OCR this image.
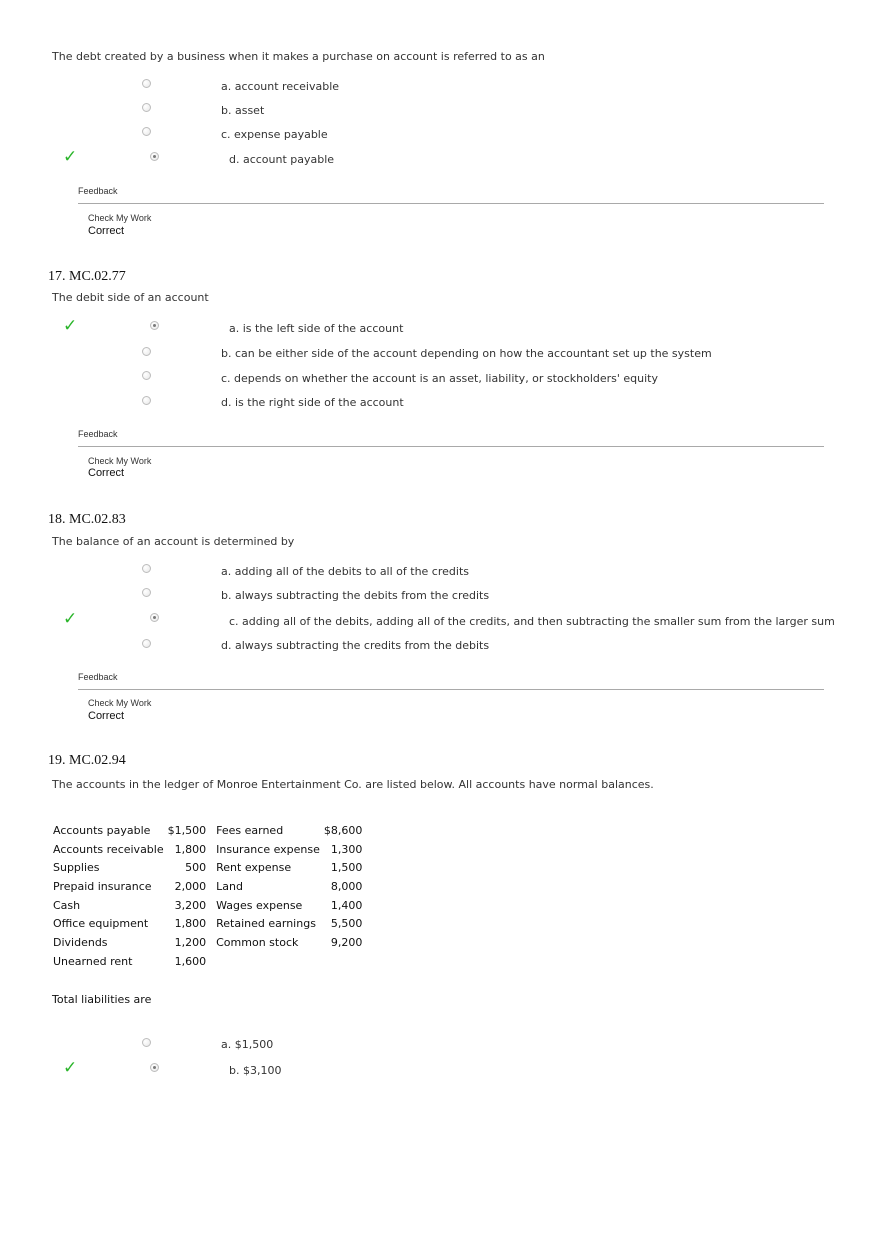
The debt created by a business when it makes a purchase on account is referred to as an
a. account receivable
b. asset
c. expense payable
✓	d. account payable
Feedback
Check My Work
Correct
17. MC.02.77
The debit side of an account
✓	a. is the left side of the account
b. can be either side of the account depending on how the accountant set up the system
c. depends on whether the account is an asset, liability, or stockholders' equity
d. is the right side of the account
Feedback
Check My Work
Correct
18. MC.02.83
The balance of an account is determined by
a. adding all of the debits to all of the credits
b. always subtracting the debits from the credits
✓	c. adding all of the debits, adding all of the credits, and then subtracting the smaller sum from the larger sum
d. always subtracting the credits from the debits
Feedback
Check My Work
Correct
19. MC.02.94
The accounts in the ledger of Monroe Entertainment Co. are listed below. All accounts have normal balances.
Accounts payable	$1,500	Fees earned	$8,600
Accounts receivable	1,800	Insurance expense	1,300
Supplies	500	Rent expense	1,500
Prepaid insurance	2,000	Land	8,000
Cash	3,200	Wages expense	1,400
Office equipment	1,800	Retained earnings	5,500
Dividends	1,200	Common stock	9,200
Unearned rent	1,600		
Total liabilities are
a. $1,500
✓	b. $3,100
